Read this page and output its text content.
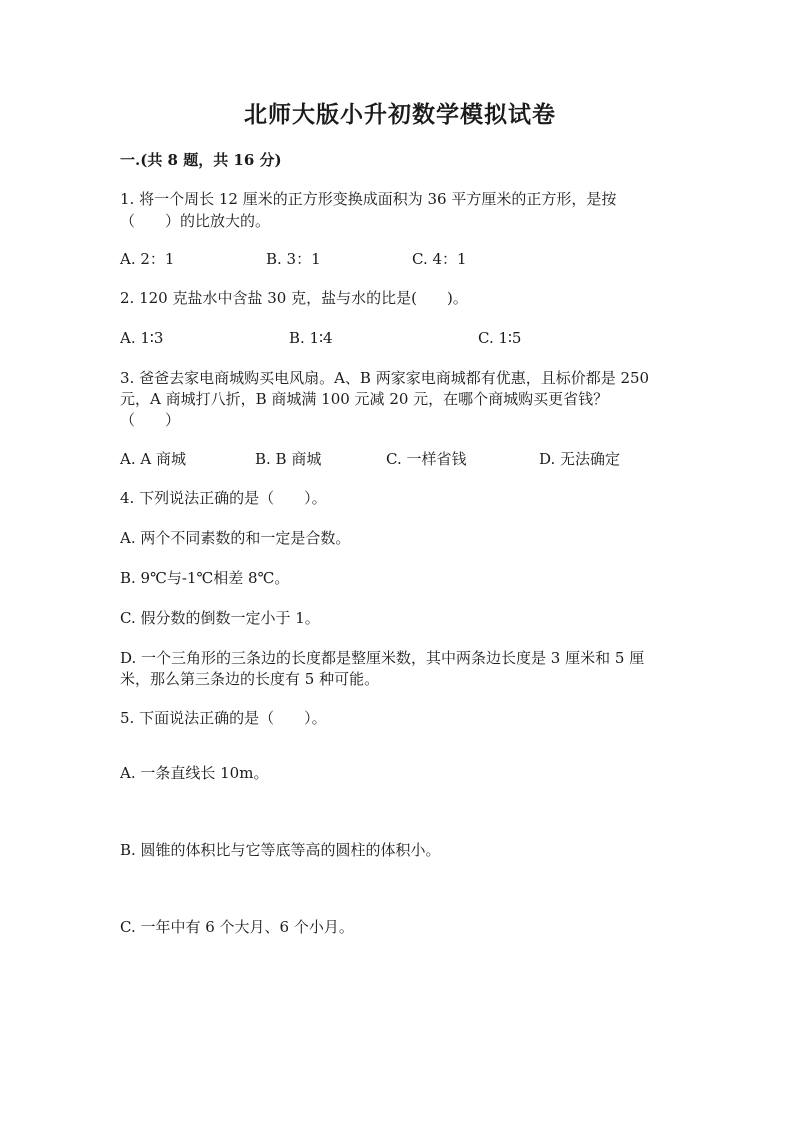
北师大版小升初数学模拟试卷
一.(共 8 题，共 16 分)
1. 将一个周长 12 厘米的正方形变换成面积为 36 平方厘米的正方形，是按
（　　）的比放大的。
A. 2：1	B. 3：1	C. 4：1
2. 120 克盐水中含盐 30 克，盐与水的比是(　　)。
A. 1∶3	B. 1∶4	C. 1∶5
3. 爸爸去家电商城购买电风扇。A、B 两家家电商城都有优惠，且标价都是 250
元，A 商城打八折，B 商城满 100 元减 20 元，在哪个商城购买更省钱？
（　　）
A. A 商城	B. B 商城	C. 一样省钱	D. 无法确定
4. 下列说法正确的是（　　）。
A. 两个不同素数的和一定是合数。
B. 9℃与-1℃相差 8℃。
C. 假分数的倒数一定小于 1。
D. 一个三角形的三条边的长度都是整厘米数，其中两条边长度是 3 厘米和 5 厘
米，那么第三条边的长度有 5 种可能。
5. 下面说法正确的是（　　）。
A. 一条直线长 10m。
B. 圆锥的体积比与它等底等高的圆柱的体积小。
C. 一年中有 6 个大月、6 个小月。
